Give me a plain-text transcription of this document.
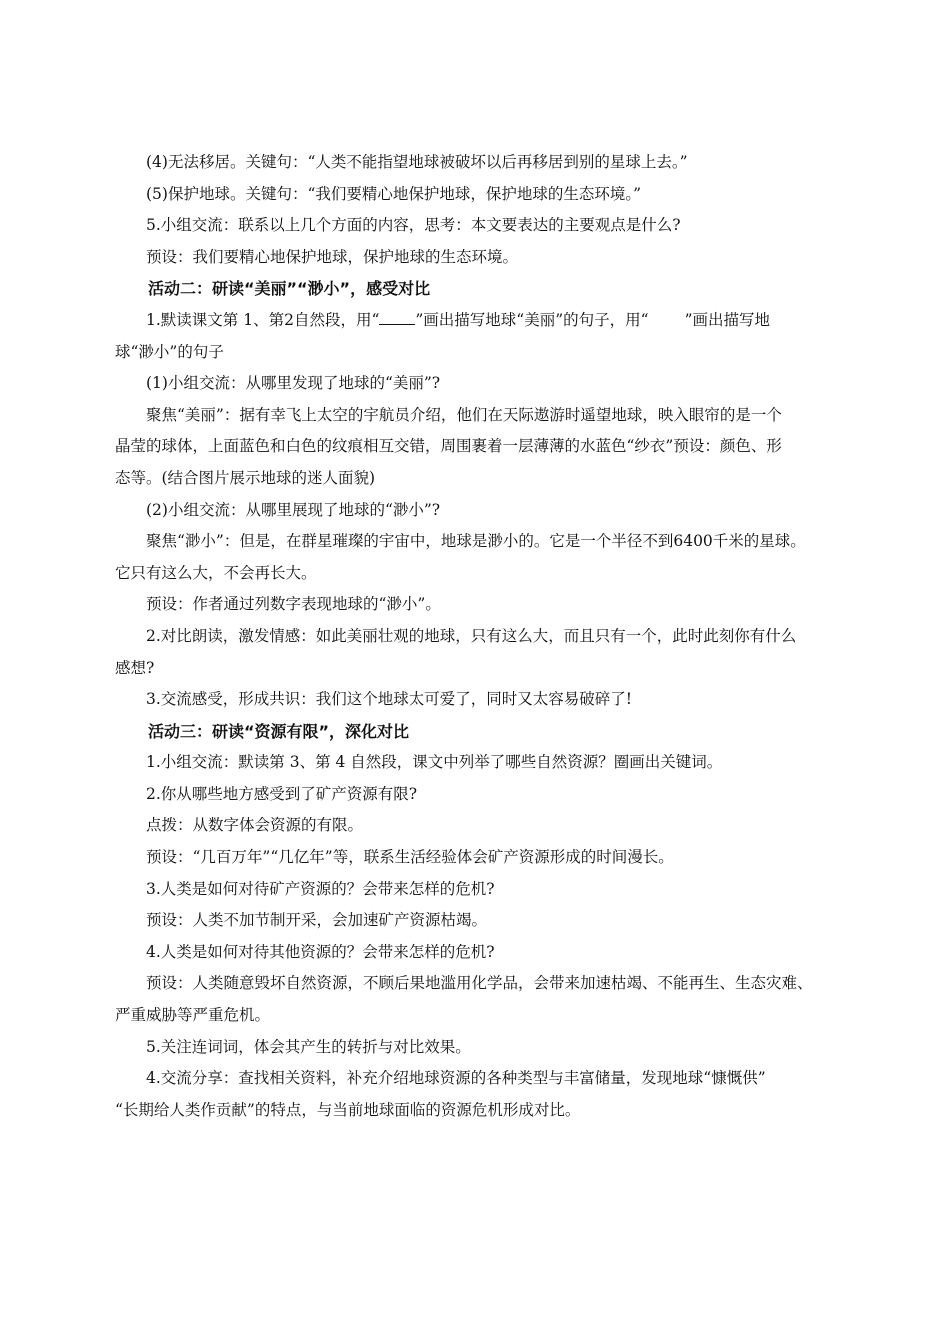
(4)无法移居。关键句：“人类不能指望地球被破坏以后再移居到别的星球上去。”
(5)保护地球。关键句：“我们要精心地保护地球，保护地球的生态环境。”
5.小组交流：联系以上几个方面的内容，思考：本文要表达的主要观点是什么?
预设：我们要精心地保护地球，保护地球的生态环境。
活动二：研读“美丽”“渺小”，感受对比
1.默读课文第 1、第2自然段，用“ ”画出描写地球“美丽”的句子，用“ ”画出描写地
球“渺小”的句子
(1)小组交流：从哪里发现了地球的“美丽”?
聚焦“美丽”：据有幸飞上太空的宇航员介绍，他们在天际遨游时遥望地球，映入眼帘的是一个
晶莹的球体，上面蓝色和白色的纹痕相互交错，周围裹着一层薄薄的水蓝色“纱衣”预设：颜色、形
态等。(结合图片展示地球的迷人面貌)
(2)小组交流：从哪里展现了地球的“渺小”?
聚焦“渺小”：但是，在群星璀璨的宇宙中，地球是渺小的。它是一个半径不到6400千米的星球。
它只有这么大，不会再长大。
预设：作者通过列数字表现地球的“渺小”。
2.对比朗读，激发情感：如此美丽壮观的地球，只有这么大，而且只有一个，此时此刻你有什么
感想?
3.交流感受，形成共识：我们这个地球太可爱了，同时又太容易破碎了!
活动三：研读“资源有限”，深化对比
1.小组交流：默读第 3、第 4 自然段，课文中列举了哪些自然资源？圈画出关键词。
2.你从哪些地方感受到了矿产资源有限?
点拨：从数字体会资源的有限。
预设：“几百万年”“几亿年”等，联系生活经验体会矿产资源形成的时间漫长。
3.人类是如何对待矿产资源的？会带来怎样的危机?
预设：人类不加节制开采，会加速矿产资源枯竭。
4.人类是如何对待其他资源的？会带来怎样的危机?
预设：人类随意毁坏自然资源，不顾后果地滥用化学品，会带来加速枯竭、不能再生、生态灾难、
严重威胁等严重危机。
5.关注连词词，体会其产生的转折与对比效果。
4.交流分享：查找相关资料，补充介绍地球资源的各种类型与丰富储量，发现地球“慷慨供”
“长期给人类作贡献”的特点，与当前地球面临的资源危机形成对比。
